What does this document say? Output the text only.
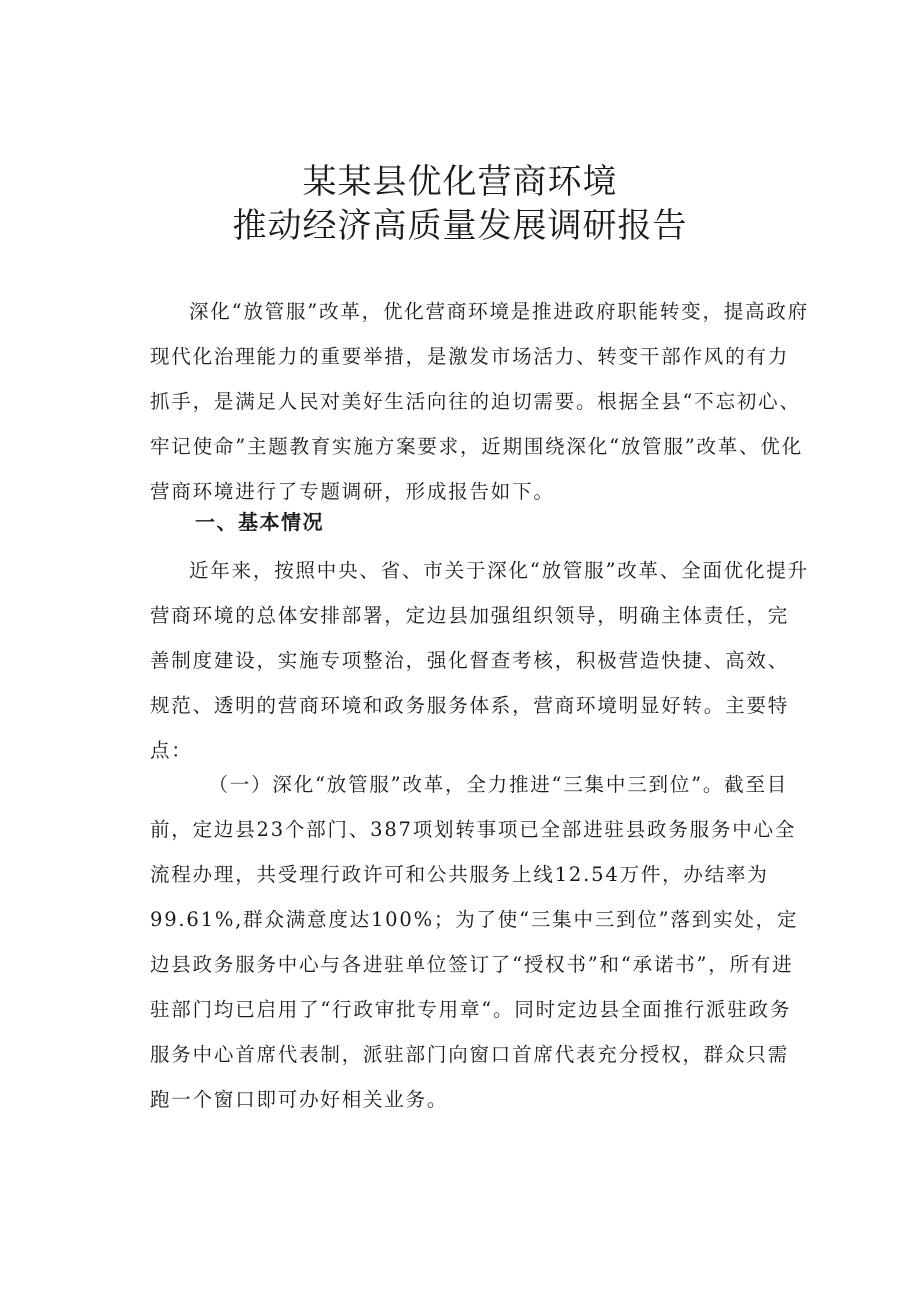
某某县优化营商环境
推动经济高质量发展调研报告

深化“放管服”改革，优化营商环境是推进政府职能转变，提高政府现代化治理能力的重要举措，是激发市场活力、转变干部作风的有力抓手，是满足人民对美好生活向往的迫切需要。根据全县“不忘初心、牢记使命”主题教育实施方案要求，近期围绕深化“放管服”改革、优化营商环境进行了专题调研，形成报告如下。

一、基本情况

近年来，按照中央、省、市关于深化“放管服”改革、全面优化提升营商环境的总体安排部署，定边县加强组织领导，明确主体责任，完善制度建设，实施专项整治，强化督查考核，积极营造快捷、高效、规范、透明的营商环境和政务服务体系，营商环境明显好转。主要特点：

（一）深化“放管服”改革，全力推进“三集中三到位”。截至目前，定边县23个部门、387项划转事项已全部进驻县政务服务中心全流程办理，共受理行政许可和公共服务上线12.54万件，办结率为99.61%,群众满意度达100%；为了使“三集中三到位”落到实处，定边县政务服务中心与各进驻单位签订了“授权书”和“承诺书”，所有进驻部门均已启用了“行政审批专用章“。同时定边县全面推行派驻政务服务中心首席代表制，派驻部门向窗口首席代表充分授权，群众只需跑一个窗口即可办好相关业务。
